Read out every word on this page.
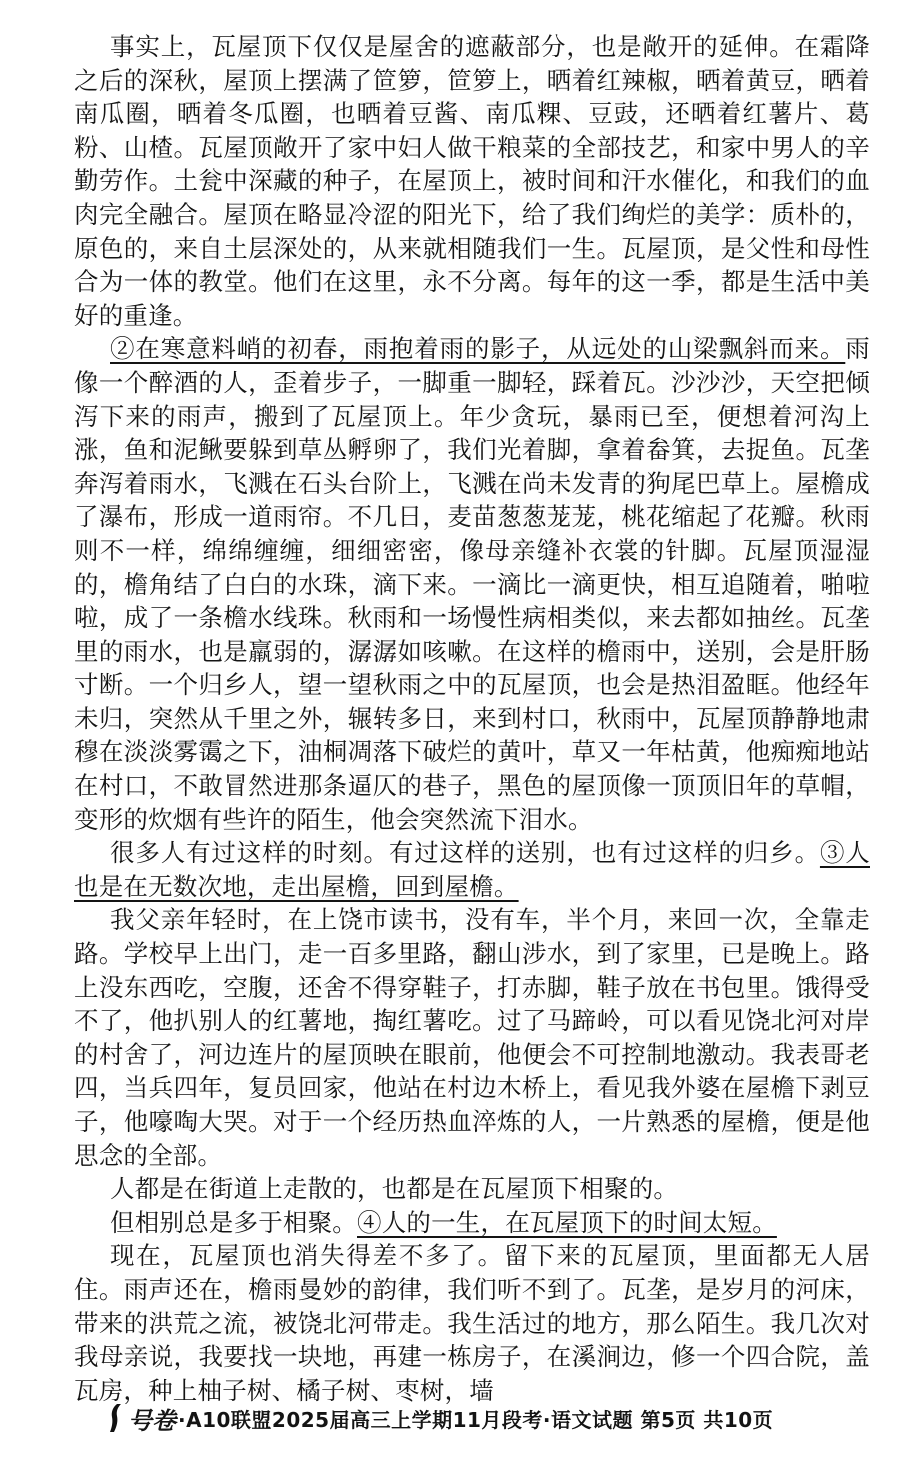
事实上，瓦屋顶下仅仅是屋舍的遮蔽部分，也是敞开的延伸。在霜降之后的深秋，屋顶上摆满了笸箩，笸箩上，晒着红辣椒，晒着黄豆，晒着南瓜圈，晒着冬瓜圈，也晒着豆酱、南瓜粿、豆豉，还晒着红薯片、葛粉、山楂。瓦屋顶敞开了家中妇人做干粮菜的全部技艺，和家中男人的辛勤劳作。土瓮中深藏的种子，在屋顶上，被时间和汗水催化，和我们的血肉完全融合。屋顶在略显冷涩的阳光下，给了我们绚烂的美学：质朴的，原色的，来自土层深处的，从来就相随我们一生。瓦屋顶，是父性和母性合为一体的教堂。他们在这里，永不分离。每年的这一季，都是生活中美好的重逢。

②在寒意料峭的初春，雨抱着雨的影子，从远处的山梁飘斜而来。雨像一个醉酒的人，歪着步子，一脚重一脚轻，踩着瓦。沙沙沙，天空把倾泻下来的雨声，搬到了瓦屋顶上。年少贪玩，暴雨已至，便想着河沟上涨，鱼和泥鳅要躲到草丛孵卵了，我们光着脚，拿着畚箕，去捉鱼。瓦垄奔泻着雨水，飞溅在石头台阶上，飞溅在尚未发青的狗尾巴草上。屋檐成了瀑布，形成一道雨帘。不几日，麦苗葱葱茏茏，桃花缩起了花瓣。秋雨则不一样，绵绵缠缠，细细密密，像母亲缝补衣裳的针脚。瓦屋顶湿湿的，檐角结了白白的水珠，滴下来。一滴比一滴更快，相互追随着，啪啦啦，成了一条檐水线珠。秋雨和一场慢性病相类似，来去都如抽丝。瓦垄里的雨水，也是羸弱的，潺潺如咳嗽。在这样的檐雨中，送别，会是肝肠寸断。一个归乡人，望一望秋雨之中的瓦屋顶，也会是热泪盈眶。他经年未归，突然从千里之外，辗转多日，来到村口，秋雨中，瓦屋顶静静地肃穆在淡淡雾霭之下，油桐凋落下破烂的黄叶，草又一年枯黄，他痴痴地站在村口，不敢冒然进那条逼仄的巷子，黑色的屋顶像一顶顶旧年的草帽，变形的炊烟有些许的陌生，他会突然流下泪水。

很多人有过这样的时刻。有过这样的送别，也有过这样的归乡。③人也是在无数次地，走出屋檐，回到屋檐。

我父亲年轻时，在上饶市读书，没有车，半个月，来回一次，全靠走路。学校早上出门，走一百多里路，翻山涉水，到了家里，已是晚上。路上没东西吃，空腹，还舍不得穿鞋子，打赤脚，鞋子放在书包里。饿得受不了，他扒别人的红薯地，掏红薯吃。过了马蹄岭，可以看见饶北河对岸的村舍了，河边连片的屋顶映在眼前，他便会不可控制地激动。我表哥老四，当兵四年，复员回家，他站在村边木桥上，看见我外婆在屋檐下剥豆子，他嚎啕大哭。对于一个经历热血淬炼的人，一片熟悉的屋檐，便是他思念的全部。

人都是在街道上走散的，也都是在瓦屋顶下相聚的。

但相别总是多于相聚。④人的一生，在瓦屋顶下的时间太短。

现在，瓦屋顶也消失得差不多了。留下来的瓦屋顶，里面都无人居住。雨声还在，檐雨曼妙的韵律，我们听不到了。瓦垄，是岁月的河床，带来的洪荒之流，被饶北河带走。我生活过的地方，那么陌生。我几次对我母亲说，我要找一块地，再建一栋房子，在溪涧边，修一个四合院，盖瓦房，种上柚子树、橘子树、枣树，墙

号卷 ·A10联盟2025届高三上学期11月段考·语文试题 第5页 共10页
